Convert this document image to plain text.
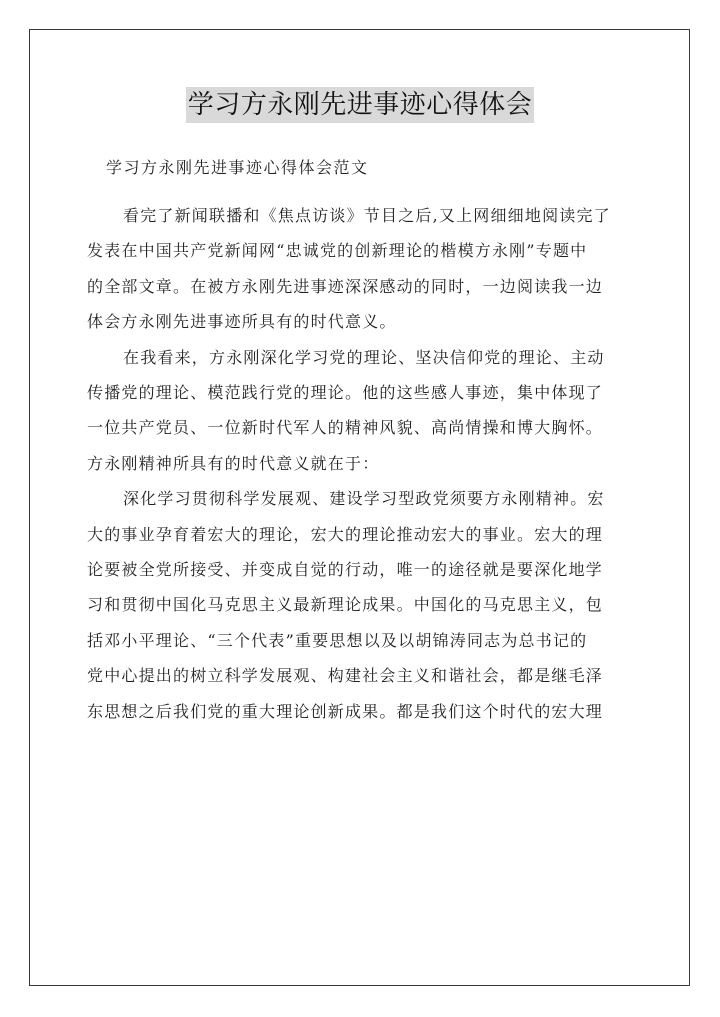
学习方永刚先进事迹心得体会
学习方永刚先进事迹心得体会范文
看完了新闻联播和《焦点访谈》节目之后,又上网细细地阅读完了
发表在中国共产党新闻网“忠诚党的创新理论的楷模方永刚”专题中
的全部文章。在被方永刚先进事迹深深感动的同时，一边阅读我一边
体会方永刚先进事迹所具有的时代意义。
在我看来，方永刚深化学习党的理论、坚决信仰党的理论、主动
传播党的理论、模范践行党的理论。他的这些感人事迹，集中体现了
一位共产党员、一位新时代军人的精神风貌、高尚情操和博大胸怀。
方永刚精神所具有的时代意义就在于：
深化学习贯彻科学发展观、建设学习型政党须要方永刚精神。宏
大的事业孕育着宏大的理论，宏大的理论推动宏大的事业。宏大的理
论要被全党所接受、并变成自觉的行动，唯一的途径就是要深化地学
习和贯彻中国化马克思主义最新理论成果。中国化的马克思主义，包
括邓小平理论、“三个代表”重要思想以及以胡锦涛同志为总书记的
党中心提出的树立科学发展观、构建社会主义和谐社会，都是继毛泽
东思想之后我们党的重大理论创新成果。都是我们这个时代的宏大理
